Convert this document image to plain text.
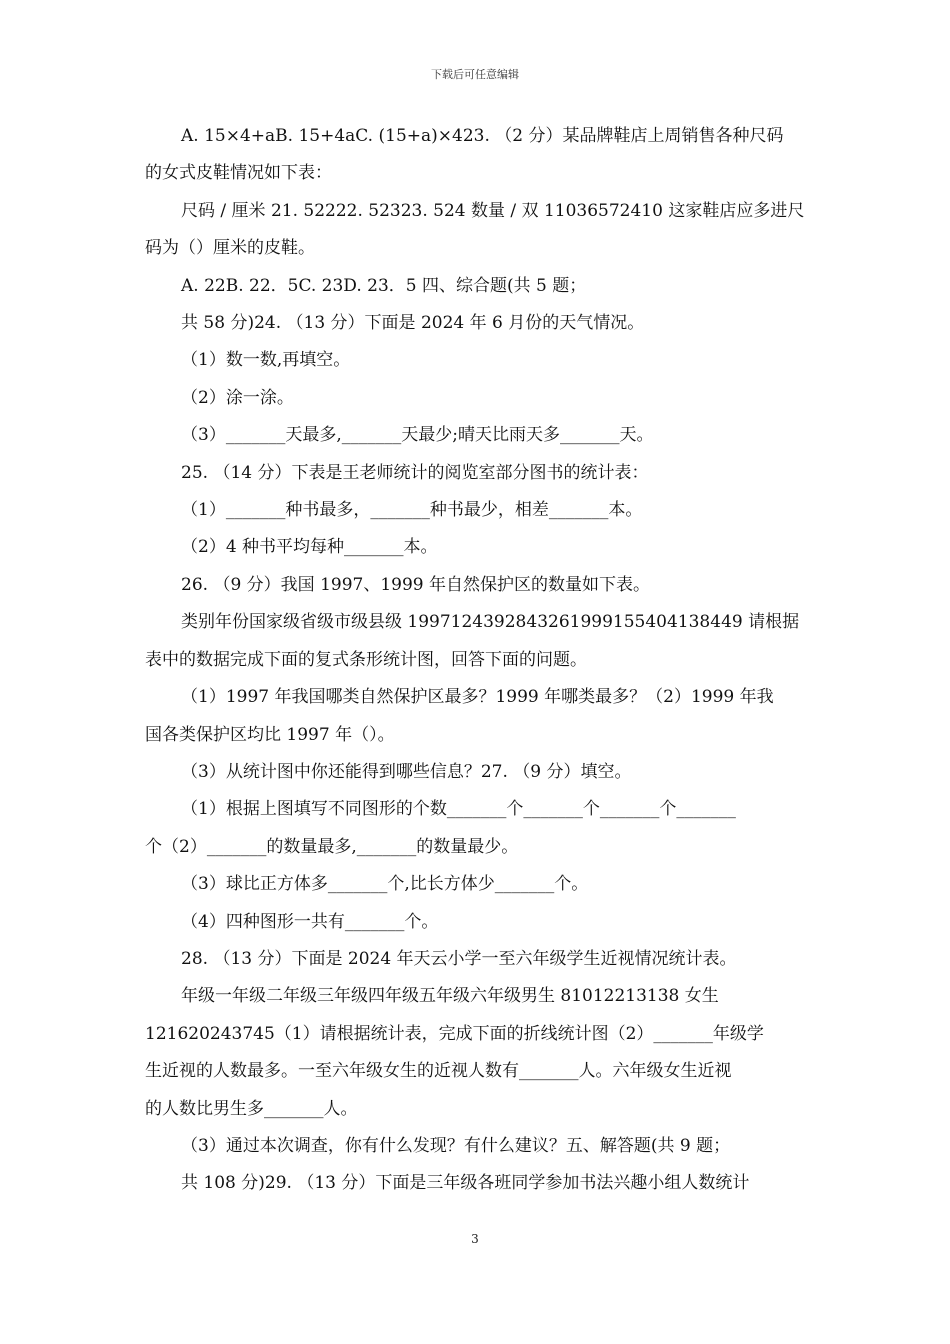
下载后可任意编辑

A. 15×4+aB. 15+4aC. (15+a)×423. （2 分）某品牌鞋店上周销售各种尺码

的女式皮鞋情况如下表：

尺码 / 厘米 21. 52222. 52323. 524 数量 / 双 11036572410 这家鞋店应多进尺

码为（）厘米的皮鞋。

A. 22B. 22．5C. 23D. 23．5 四、综合题(共 5 题；

共 58 分)24. （13 分）下面是 2024 年 6 月份的天气情况。

（1）数一数,再填空。

（2）涂一涂。

（3）_______天最多,_______天最少;晴天比雨天多_______天。

25. （14 分）下表是王老师统计的阅览室部分图书的统计表：

（1）_______种书最多，_______种书最少，相差_______本。

（2）4 种书平均每种_______本。

26. （9 分）我国 1997、1999 年自然保护区的数量如下表。

类别年份国家级省级市级县级 199712439284326199915540413844​9 请根据

表中的数据完成下面的复式条形统计图，回答下面的问题。

（1）1997 年我国哪类自然保护区最多？1999 年哪类最多？（2）1999 年我

国各类保护区均比 1997 年（）。

（3）从统计图中你还能得到哪些信息？27. （9 分）填空。

（1）根据上图填写不同图形的个数_______个_______个_______个_______

个（2）_______的数量最多,_______的数量最少。

（3）球比正方体多_______个,比长方体少_______个。

（4）四种图形一共有_______个。

28. （13 分）下面是 2024 年天云小学一至六年级学生近视情况统计表。

年级一年级二年级三年级四年级五年级六年级男生 81012213138 女生

121620243745（1）请根据统计表，完成下面的折线统计图（2）_______年级学

生近视的人数最多。一至六年级女生的近视人数有_______人。六年级女生近视

的人数比男生多_______人。

（3）通过本次调查，你有什么发现？有什么建议？五、解答题(共 9 题；

共 108 分)29. （13 分）下面是三年级各班同学参加书法兴趣小组人数统计

3
